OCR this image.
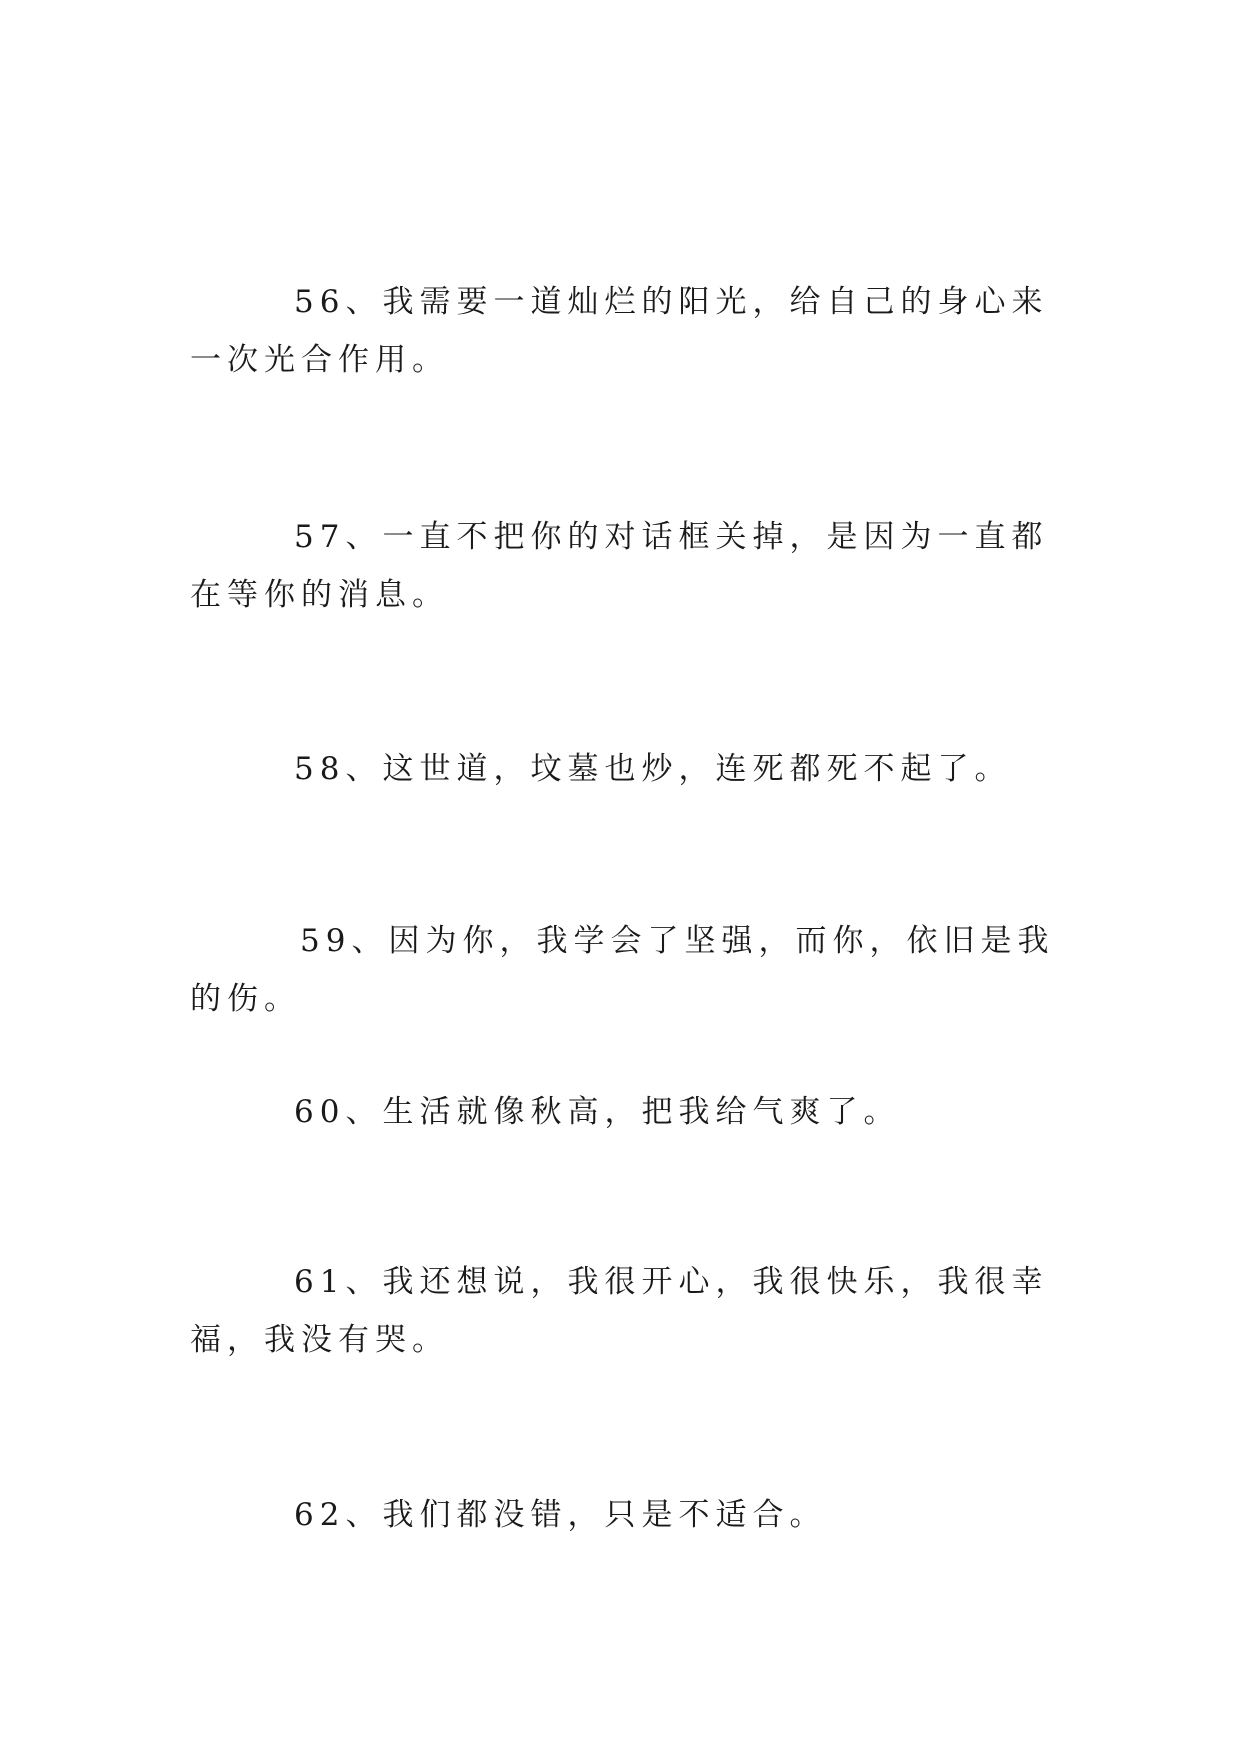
56、我需要一道灿烂的阳光，给自己的身心来一次光合作用。

57、一直不把你的对话框关掉，是因为一直都在等你的消息。

58、这世道，坟墓也炒，连死都死不起了。

59、因为你，我学会了坚强，而你，依旧是我的伤。

60、生活就像秋高，把我给气爽了。

61、我还想说，我很开心，我很快乐，我很幸福，我没有哭。

62、我们都没错，只是不适合。
